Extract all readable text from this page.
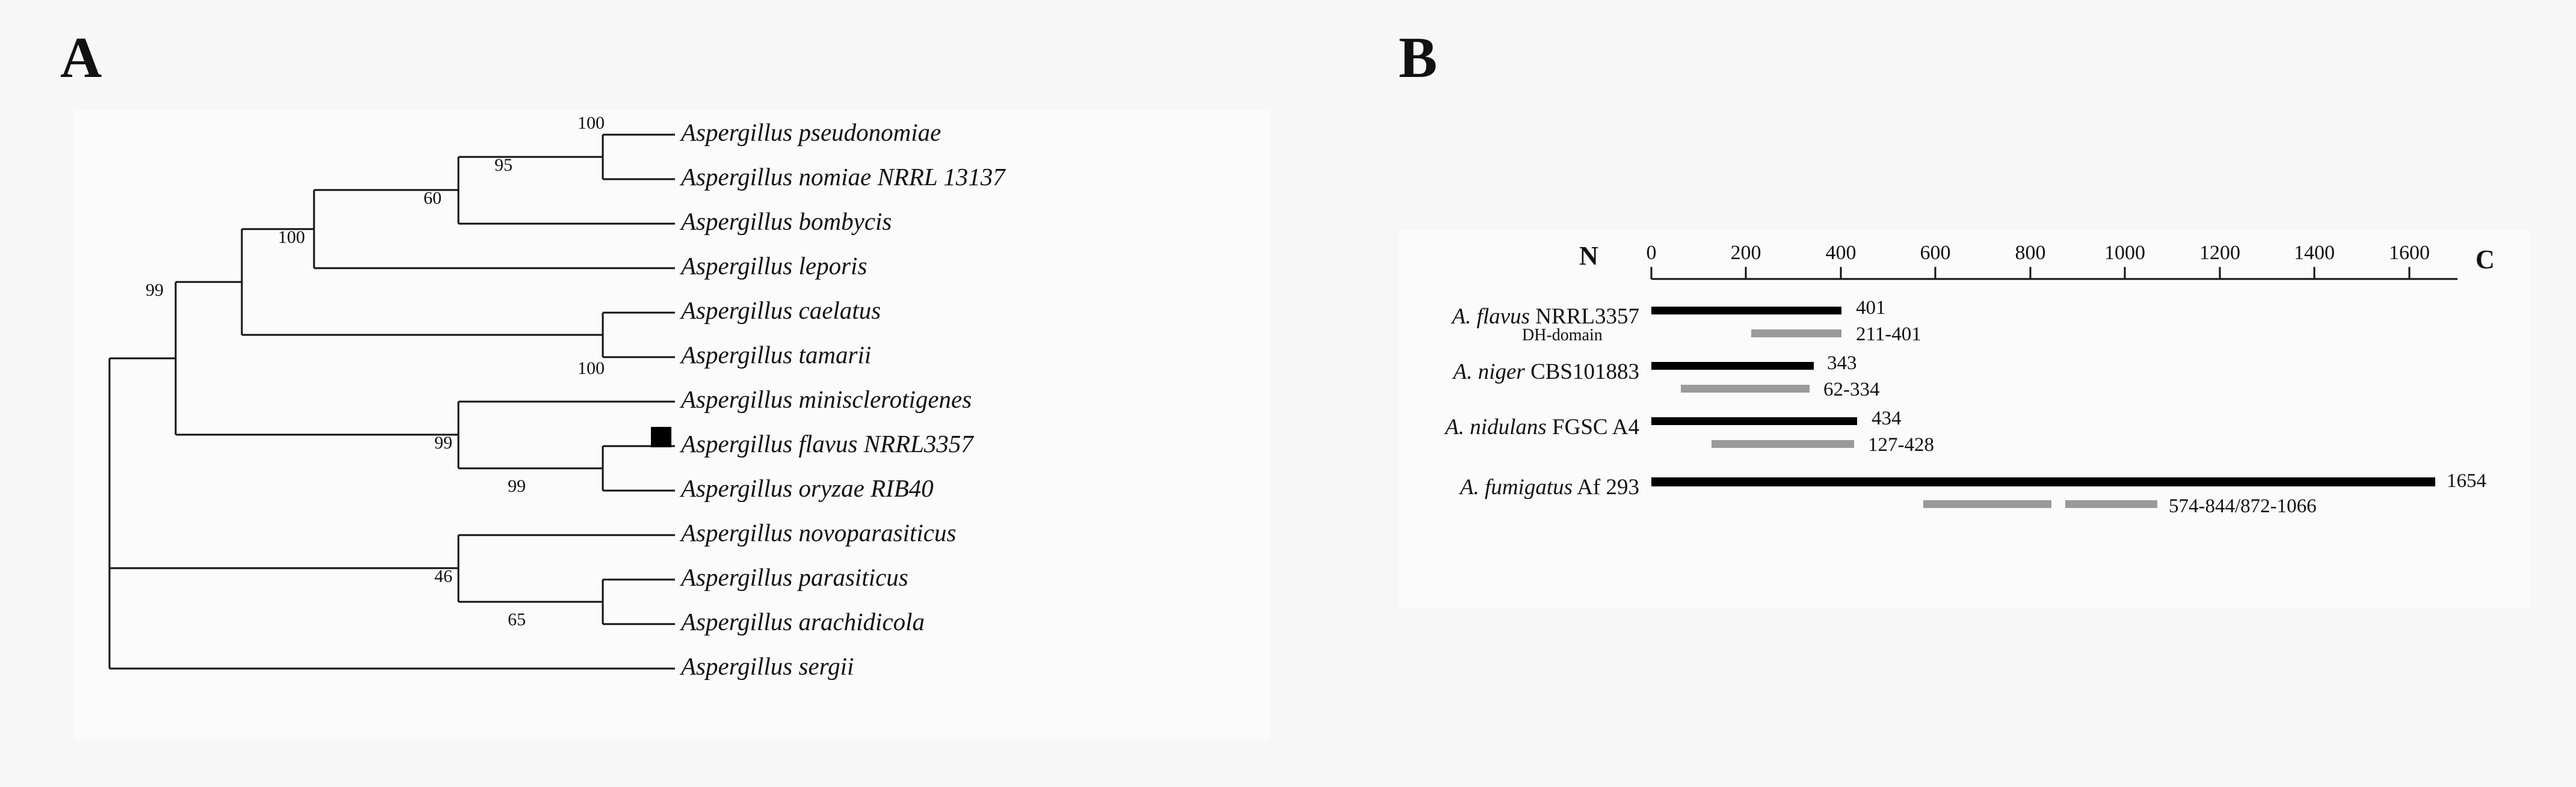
A	B
Aspergillus pseudonomiae
Aspergillus nomiae NRRL 13137
Aspergillus bombycis
Aspergillus leporis
Aspergillus caelatus
Aspergillus tamarii
Aspergillus minisclerotigenes
Aspergillus flavus NRRL3357
Aspergillus oryzae RIB40
Aspergillus novoparasiticus
Aspergillus parasiticus
Aspergillus arachidicola
Aspergillus sergii
100
95
60
100
100
99
99
99
46
65
N	C
0	200	400	600	800	1000	1200	1400	1600
A. flavus NRRL3357	401
DH-domain	211-401
A. niger CBS101883	343
62-334
A. nidulans FGSC A4	434
127-428
A. fumigatus Af 293	1654
574-844/872-1066
